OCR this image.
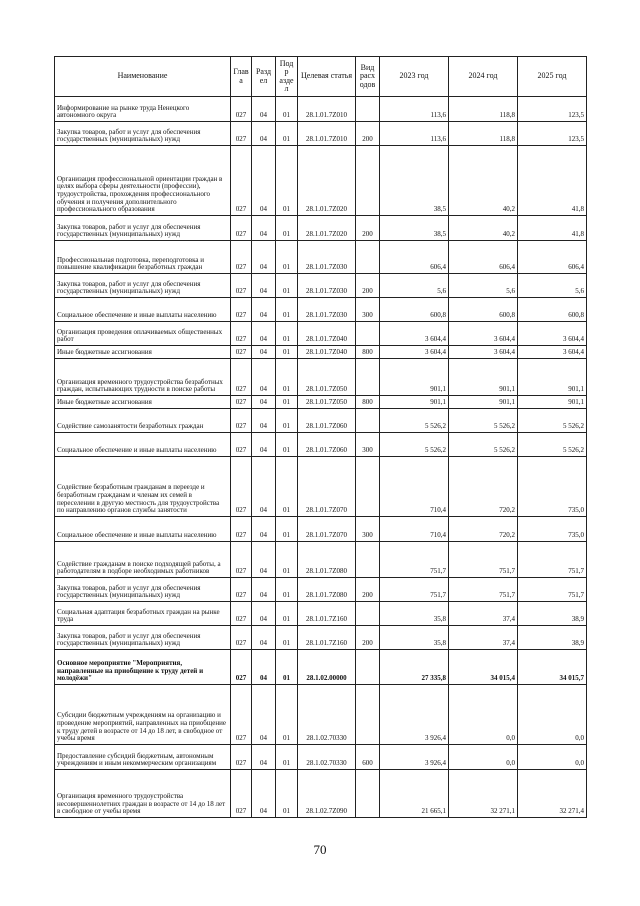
Наименование	Глав а	Разд ел	Подр азде л	Целевая статья	Вид расх одов	2023 год	2024 год	2025 год
Информирование на рынке труда Ненецкого автономного округа	027	04	01	28.1.01.7Z010		113,6	118,8	123,5
Закупка товаров, работ и услуг для обеспечения государственных (муниципальных) нужд	027	04	01	28.1.01.7Z010	200	113,6	118,8	123,5
Организация профессиональной ориентации граждан в целях выбора сферы деятельности (профессии), трудоустройства, прохождения профессионального обучения и получения дополнительного профессионального образования	027	04	01	28.1.01.7Z020		38,5	40,2	41,8
Закупка товаров, работ и услуг для обеспечения государственных (муниципальных) нужд	027	04	01	28.1.01.7Z020	200	38,5	40,2	41,8
Профессиональная подготовка, переподготовка и повышение квалификации безработных граждан	027	04	01	28.1.01.7Z030		606,4	606,4	606,4
Закупка товаров, работ и услуг для обеспечения государственных (муниципальных) нужд	027	04	01	28.1.01.7Z030	200	5,6	5,6	5,6
Социальное обеспечение и иные выплаты населению	027	04	01	28.1.01.7Z030	300	600,8	600,8	600,8
Организация проведения оплачиваемых общественных работ	027	04	01	28.1.01.7Z040		3 604,4	3 604,4	3 604,4
Иные бюджетные ассигнования	027	04	01	28.1.01.7Z040	800	3 604,4	3 604,4	3 604,4
Организация временного трудоустройства безработных граждан, испытывающих трудности в поиске работы	027	04	01	28.1.01.7Z050		901,1	901,1	901,1
Иные бюджетные ассигнования	027	04	01	28.1.01.7Z050	800	901,1	901,1	901,1
Содействие самозанятости безработных граждан	027	04	01	28.1.01.7Z060		5 526,2	5 526,2	5 526,2
Социальное обеспечение и иные выплаты населению	027	04	01	28.1.01.7Z060	300	5 526,2	5 526,2	5 526,2
Содействие безработным гражданам в переезде и безработным гражданам и членам их семей в переселении в другую местность для трудоустройства по направлению органов службы занятости	027	04	01	28.1.01.7Z070		710,4	720,2	735,0
Социальное обеспечение и иные выплаты населению	027	04	01	28.1.01.7Z070	300	710,4	720,2	735,0
Содействие гражданам в поиске подходящей работы, а работодателям в подборе необходимых работников	027	04	01	28.1.01.7Z080		751,7	751,7	751,7
Закупка товаров, работ и услуг для обеспечения государственных (муниципальных) нужд	027	04	01	28.1.01.7Z080	200	751,7	751,7	751,7
Социальная адаптация безработных граждан на рынке труда	027	04	01	28.1.01.7Z160		35,8	37,4	38,9
Закупка товаров, работ и услуг для обеспечения государственных (муниципальных) нужд	027	04	01	28.1.01.7Z160	200	35,8	37,4	38,9
Основное мероприятие "Мероприятия, направленные на приобщение к труду детей и молодёжи"	027	04	01	28.1.02.00000		27 335,8	34 015,4	34 015,7
Субсидии бюджетным учреждениям на организацию и проведение мероприятий, направленных на приобщение к труду детей в возрасте от 14 до 18 лет, в свободное от учебы время	027	04	01	28.1.02.70330		3 926,4	0,0	0,0
Предоставление субсидий бюджетным, автономным учреждениям и иным некоммерческим организациям	027	04	01	28.1.02.70330	600	3 926,4	0,0	0,0
Организация временного трудоустройства несовершеннолетних граждан в возрасте от 14 до 18 лет в свободное от учебы время	027	04	01	28.1.02.7Z090		21 665,1	32 271,1	32 271,4
70
